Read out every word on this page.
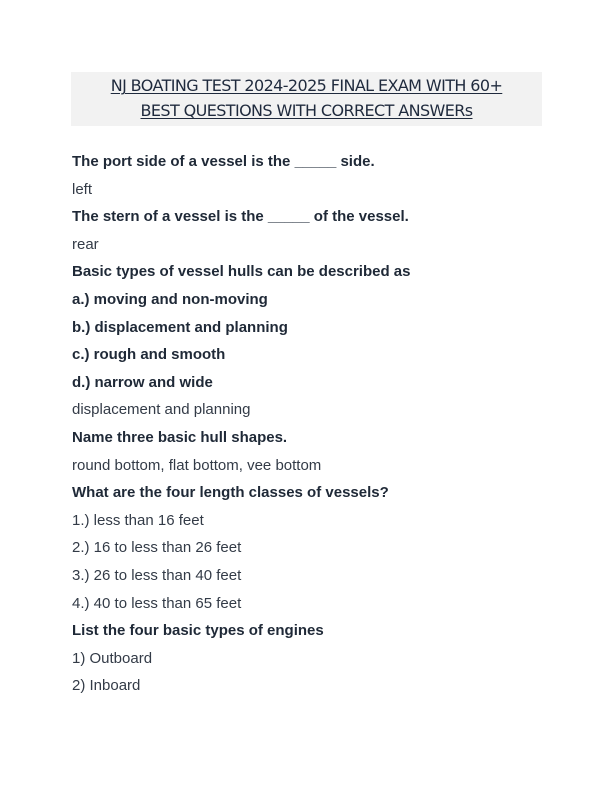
NJ BOATING TEST 2024-2025 FINAL EXAM WITH 60+
BEST QUESTIONS WITH CORRECT ANSWERs
The port side of a vessel is the _____ side.
left
The stern of a vessel is the _____ of the vessel.
rear
Basic types of vessel hulls can be described as
a.) moving and non-moving
b.) displacement and planning
c.) rough and smooth
d.) narrow and wide
displacement and planning
Name three basic hull shapes.
round bottom, flat bottom, vee bottom
What are the four length classes of vessels?
1.) less than 16 feet
2.) 16 to less than 26 feet
3.) 26 to less than 40 feet
4.) 40 to less than 65 feet
List the four basic types of engines
1) Outboard
2) Inboard
